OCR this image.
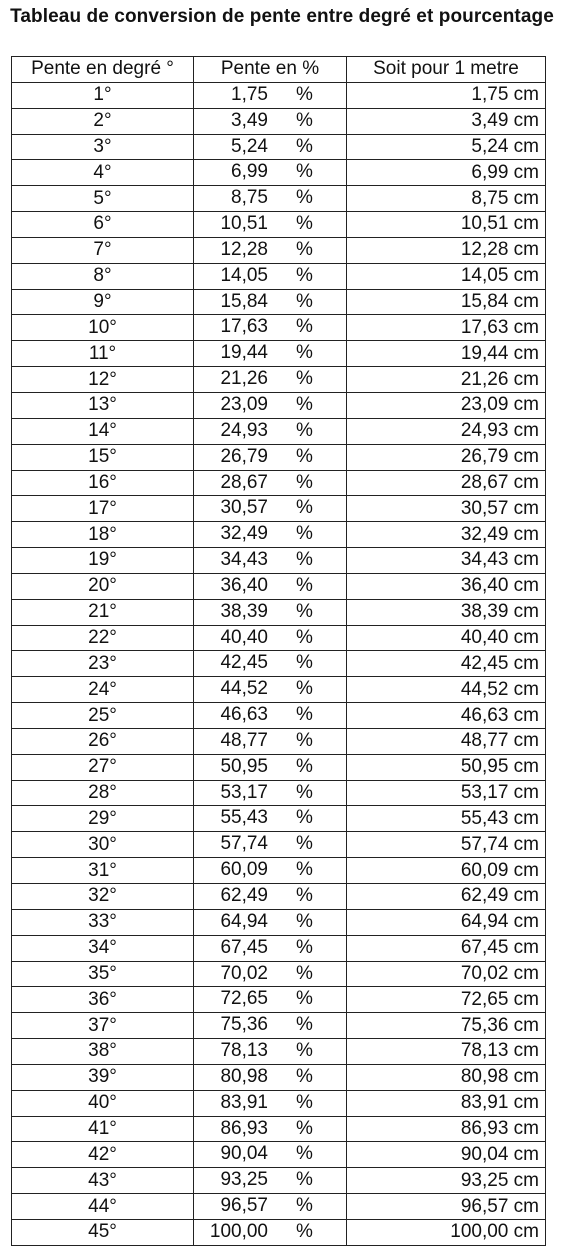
Tableau de conversion de pente entre degré et pourcentage
Pente en degré °	Pente en %	Soit pour 1 metre
1°	1,75 %	1,75 cm
2°	3,49 %	3,49 cm
3°	5,24 %	5,24 cm
4°	6,99 %	6,99 cm
5°	8,75 %	8,75 cm
6°	10,51 %	10,51 cm
7°	12,28 %	12,28 cm
8°	14,05 %	14,05 cm
9°	15,84 %	15,84 cm
10°	17,63 %	17,63 cm
11°	19,44 %	19,44 cm
12°	21,26 %	21,26 cm
13°	23,09 %	23,09 cm
14°	24,93 %	24,93 cm
15°	26,79 %	26,79 cm
16°	28,67 %	28,67 cm
17°	30,57 %	30,57 cm
18°	32,49 %	32,49 cm
19°	34,43 %	34,43 cm
20°	36,40 %	36,40 cm
21°	38,39 %	38,39 cm
22°	40,40 %	40,40 cm
23°	42,45 %	42,45 cm
24°	44,52 %	44,52 cm
25°	46,63 %	46,63 cm
26°	48,77 %	48,77 cm
27°	50,95 %	50,95 cm
28°	53,17 %	53,17 cm
29°	55,43 %	55,43 cm
30°	57,74 %	57,74 cm
31°	60,09 %	60,09 cm
32°	62,49 %	62,49 cm
33°	64,94 %	64,94 cm
34°	67,45 %	67,45 cm
35°	70,02 %	70,02 cm
36°	72,65 %	72,65 cm
37°	75,36 %	75,36 cm
38°	78,13 %	78,13 cm
39°	80,98 %	80,98 cm
40°	83,91 %	83,91 cm
41°	86,93 %	86,93 cm
42°	90,04 %	90,04 cm
43°	93,25 %	93,25 cm
44°	96,57 %	96,57 cm
45°	100,00 %	100,00 cm
